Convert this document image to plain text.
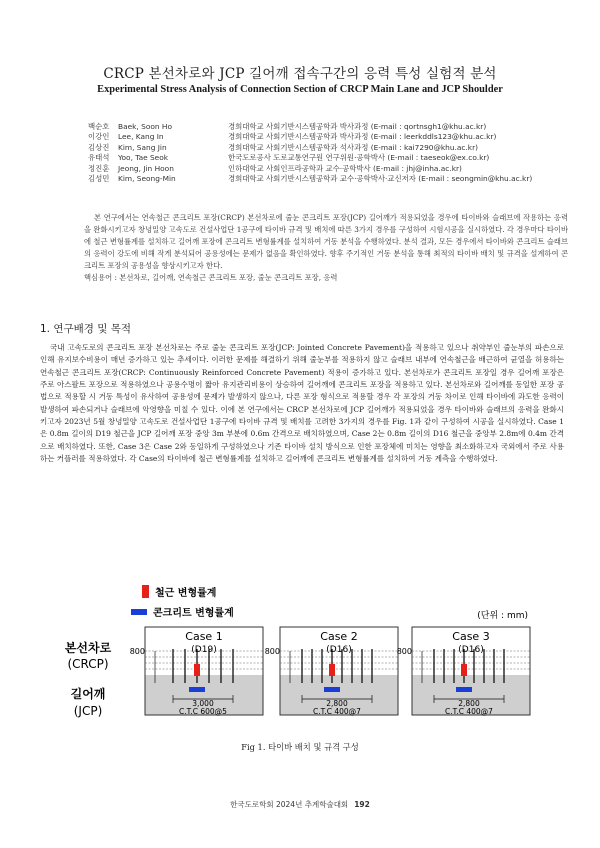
CRCP 본선차로와 JCP 길어깨 접속구간의 응력 특성 실험적 분석
Experimental Stress Analysis of Connection Section of CRCP Main Lane and JCP Shoulder
백순호	Baek, Soon Ho	경희대학교 사회기반시스템공학과 박사과정 (E-mail : qortnsgh1@khu.ac.kr)
이강인	Lee, Kang In	경희대학교 사회기반시스템공학과 박사과정 (E-mail : leerkddls123@khu.ac.kr)
김상진	Kim, Sang Jin	경희대학교 사회기반시스템공학과 석사과정 (E-mail : kai7290@khu.ac.kr)
유태석	Yoo, Tae Seok	한국도로공사 도로교통연구원 연구위원·공학박사 (E-mail : taeseok@ex.co.kr)
정진훈	Jeong, Jin Hoon	인하대학교 사회인프라공학과 교수·공학박사 (E-mail : jhj@inha.ac.kr)
김성민	Kim, Seong-Min	경희대학교 사회기반시스템공학과 교수·공학박사·교신저자 (E-mail : seongmin@khu.ac.kr)

본 연구에서는 연속철근 콘크리트 포장(CRCP) 본선차로에 줄눈 콘크리트 포장(JCP) 길어깨가 적용되었을 경우에 타이바와 슬래브에 작용하는 응력을 완화시키고자 창녕밀양 고속도로 건설사업단 1공구에 타이바 규격 및 배치에 따른 3가지 경우를 구성하여 시험시공을 실시하였다. 각 경우마다 타이바에 철근 변형률계를 설치하고 길어깨 포장에 콘크리트 변형률계를 설치하여 거동 분석을 수행하였다. 분석 결과, 모든 경우에서 타이바와 콘크리트 슬래브의 응력이 강도에 비해 작게 분석되어 공용성에는 문제가 없음을 확인하였다. 향후 주기적인 거동 분석을 통해 최적의 타이바 배치 및 규격을 설계하여 콘크리트 포장의 공용성을 향상시키고자 한다.

핵심용어 : 본선차로, 길어깨, 연속철근 콘크리트 포장, 줄눈 콘크리트 포장, 응력
1. 연구배경 및 목적

국내 고속도로의 콘크리트 포장 본선차로는 주로 줄눈 콘크리트 포장(JCP: Jointed Concrete Pavement)을 적용하고 있으나 취약부인 줄눈부의 파손으로 인해 유지보수비용이 매년 증가하고 있는 추세이다. 이러한 문제를 해결하기 위해 줄눈부를 적용하지 않고 슬래브 내부에 연속철근을 배근하여 균열을 허용하는 연속철근 콘크리트 포장(CRCP: Continuously Reinforced Concrete Pavement) 적용이 증가하고 있다. 본선차로가 콘크리트 포장일 경우 길어깨 포장은 주로 아스팔트 포장으로 적용하였으나 공용수명이 짧아 유지관리비용이 상승하여 길어깨에 콘크리트 포장을 적용하고 있다. 본선차로와 길어깨를 동일한 포장 공법으로 적용할 시 거동 특성이 유사하여 공용성에 문제가 발생하지 않으나, 다른 포장 형식으로 적용할 경우 각 포장의 거동 차이로 인해 타이바에 과도한 응력이 발생하여 파손되거나 슬래브에 악영향을 미칠 수 있다. 이에 본 연구에서는 CRCP 본선차로에 JCP 길어깨가 적용되었을 경우 타이바와 슬래브의 응력을 완화시키고자 2023년 5월 창녕밀양 고속도로 건설사업단 1공구에 타이바 규격 및 배치를 고려한 3가지의 경우를 Fig. 1과 같이 구성하여 시공을 실시하였다. Case 1은 0.8m 길이의 D19 철근을 JCP 길어깨 포장 중앙 3m 부분에 0.6m 간격으로 배치하였으며, Case 2는 0.8m 길이의 D16 철근을 중앙부 2.8m에 0.4m 간격으로 배치하였다. 또한, Case 3은 Case 2와 동일하게 구성하였으나 기존 타이바 설치 방식으로 인한 포장체에 미치는 영향을 최소화하고자 국외에서 주로 사용하는 커플러를 적용하였다. 각 Case의 타이바에 철근 변형률계를 설치하고 길어깨에 콘크리트 변형률계를 설치하여 거동 계측을 수행하였다.

철근 변형률계
콘크리트 변형률계	(단위 : mm)
본선차로
(CRCP)
길어깨
(JCP)
Case 1
(D19)
800
3,000
C.T.C 600@5
Case 2
(D16)
800
2,800
C.T.C 400@7
Case 3
(D16)
800
2,800
C.T.C 400@7
Fig 1. 타이바 배치 및 규격 구성
한국도로학회 2024년 추계학술대회 192
